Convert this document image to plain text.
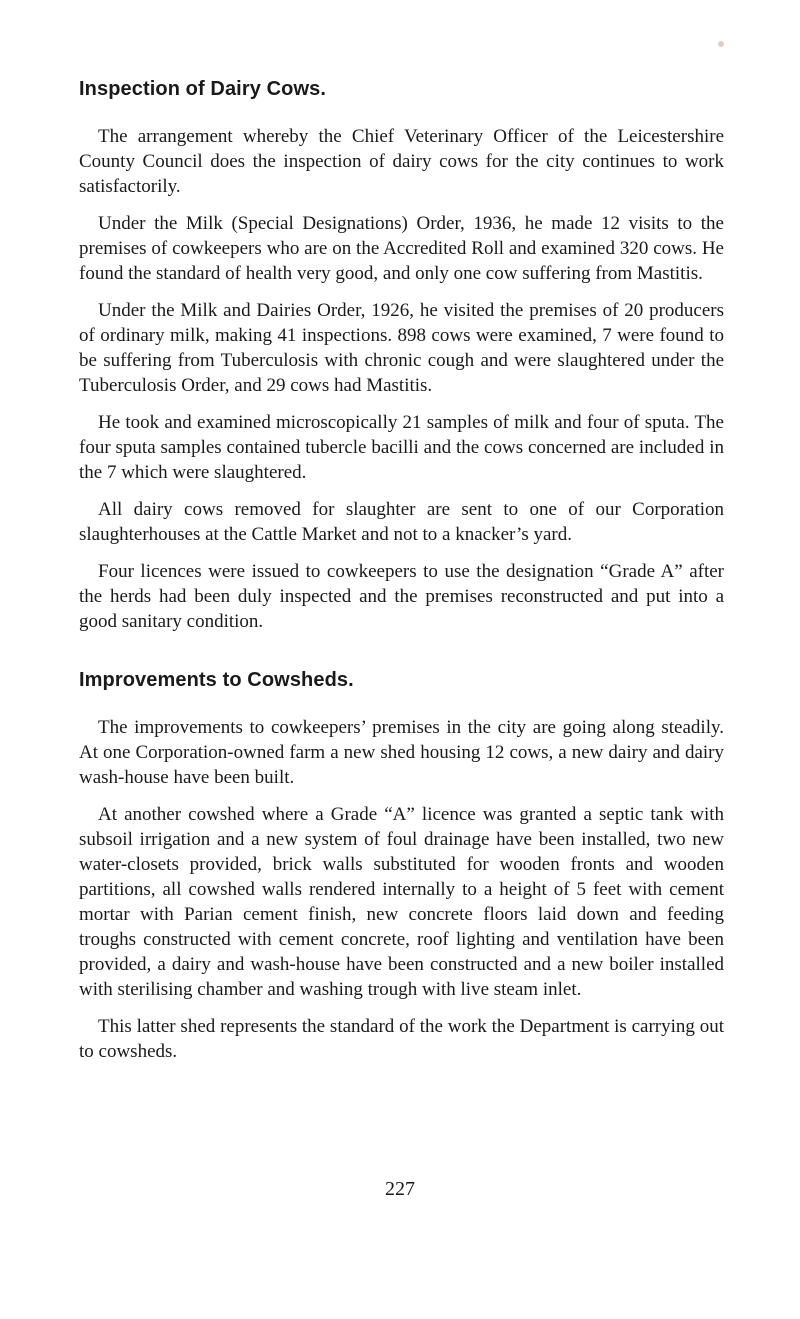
Inspection of Dairy Cows.

The arrangement whereby the Chief Veterinary Officer of the Leicestershire County Council does the inspection of dairy cows for the city continues to work satisfactorily.

Under the Milk (Special Designations) Order, 1936, he made 12 visits to the premises of cowkeepers who are on the Accredited Roll and examined 320 cows. He found the standard of health very good, and only one cow suffering from Mastitis.

Under the Milk and Dairies Order, 1926, he visited the premises of 20 producers of ordinary milk, making 41 inspections. 898 cows were examined, 7 were found to be suffering from Tuberculosis with chronic cough and were slaughtered under the Tuberculosis Order, and 29 cows had Mastitis.

He took and examined microscopically 21 samples of milk and four of sputa. The four sputa samples contained tubercle bacilli and the cows concerned are included in the 7 which were slaughtered.

All dairy cows removed for slaughter are sent to one of our Corporation slaughterhouses at the Cattle Market and not to a knacker’s yard.

Four licences were issued to cowkeepers to use the designation “Grade A” after the herds had been duly inspected and the premises reconstructed and put into a good sanitary condition.

Improvements to Cowsheds.

The improvements to cowkeepers’ premises in the city are going along steadily. At one Corporation-owned farm a new shed housing 12 cows, a new dairy and dairy wash-house have been built.

At another cowshed where a Grade “A” licence was granted a septic tank with subsoil irrigation and a new system of foul drainage have been installed, two new water-closets provided, brick walls substituted for wooden fronts and wooden partitions, all cowshed walls rendered internally to a height of 5 feet with cement mortar with Parian cement finish, new concrete floors laid down and feeding troughs constructed with cement concrete, roof lighting and ventilation have been provided, a dairy and wash-house have been constructed and a new boiler installed with sterilising chamber and washing trough with live steam inlet.

This latter shed represents the standard of the work the Department is carrying out to cowsheds.

227
